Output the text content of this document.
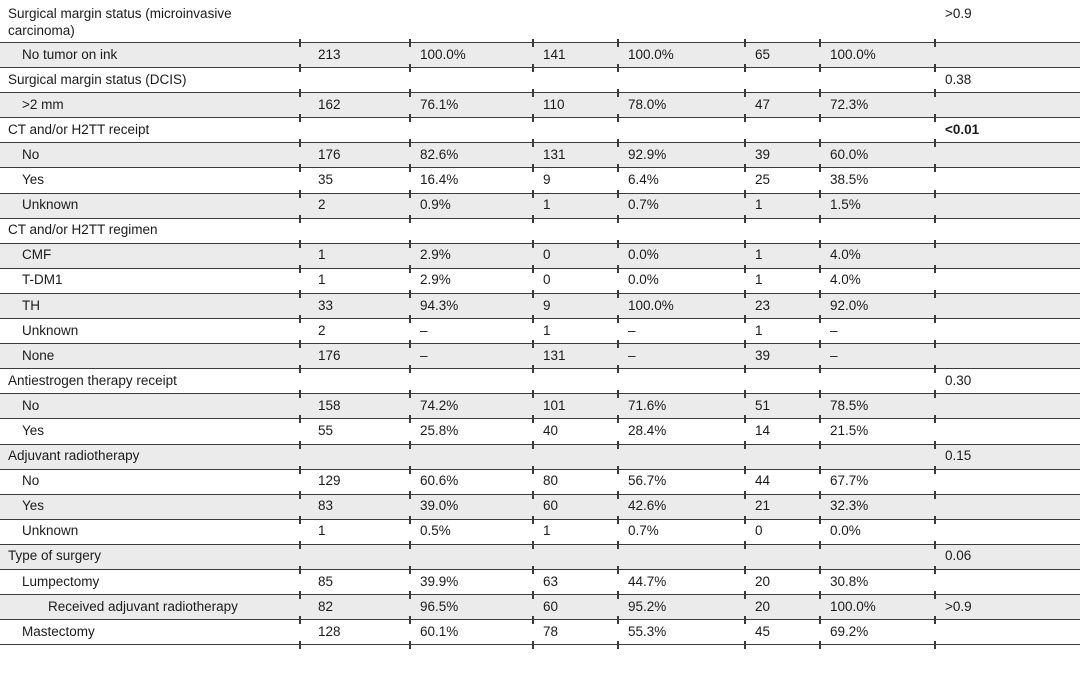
Surgical margin status (microinvasive carcinoma)							>0.9
No tumor on ink	213	100.0%	141	100.0%	65	100.0%	
Surgical margin status (DCIS)							0.38
>2 mm	162	76.1%	110	78.0%	47	72.3%	
CT and/or H2TT receipt							<0.01
No	176	82.6%	131	92.9%	39	60.0%	
Yes	35	16.4%	9	6.4%	25	38.5%	
Unknown	2	0.9%	1	0.7%	1	1.5%	
CT and/or H2TT regimen							
CMF	1	2.9%	0	0.0%	1	4.0%	
T-DM1	1	2.9%	0	0.0%	1	4.0%	
TH	33	94.3%	9	100.0%	23	92.0%	
Unknown	2	–	1	–	1	–	
None	176	–	131	–	39	–	
Antiestrogen therapy receipt							0.30
No	158	74.2%	101	71.6%	51	78.5%	
Yes	55	25.8%	40	28.4%	14	21.5%	
Adjuvant radiotherapy							0.15
No	129	60.6%	80	56.7%	44	67.7%	
Yes	83	39.0%	60	42.6%	21	32.3%	
Unknown	1	0.5%	1	0.7%	0	0.0%	
Type of surgery							0.06
Lumpectomy	85	39.9%	63	44.7%	20	30.8%	
Received adjuvant radiotherapy	82	96.5%	60	95.2%	20	100.0%	>0.9
Mastectomy	128	60.1%	78	55.3%	45	69.2%	
